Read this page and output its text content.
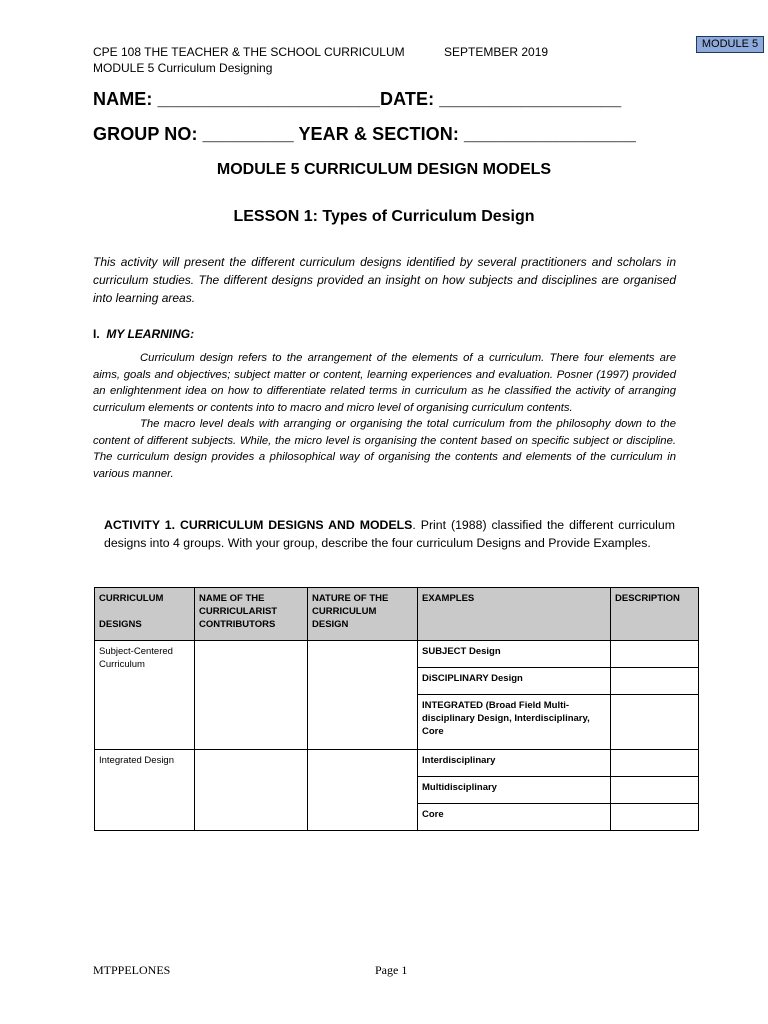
CPE 108 THE TEACHER & THE SCHOOL CURRICULUM	SEPTEMBER 2019
MODULE 5 Curriculum Designing
MODULE 5
NAME: ______________________DATE: __________________
GROUP NO: _________ YEAR & SECTION: _________________
MODULE 5 CURRICULUM DESIGN MODELS
LESSON 1: Types of Curriculum Design
This activity will present the different curriculum designs identified by several practitioners and scholars in curriculum studies. The different designs provided an insight on how subjects and disciplines are organised into learning areas.
I. MY LEARNING:

Curriculum design refers to the arrangement of the elements of a curriculum. There four elements are aims, goals and objectives; subject matter or content, learning experiences and evaluation. Posner (1997) provided an enlightenment idea on how to differentiate related terms in curriculum as he classified the activity of arranging curriculum elements or contents into to macro and micro level of organising curriculum contents.

The macro level deals with arranging or organising the total curriculum from the philosophy down to the content of different subjects. While, the micro level is organising the content based on specific subject or discipline. The curriculum design provides a philosophical way of organising the contents and elements of the curriculum in various manner.

ACTIVITY 1. CURRICULUM DESIGNS AND MODELS. Print (1988) classified the different curriculum designs into 4 groups. With your group, describe the four curriculum Designs and Provide Examples.
CURRICULUM

DESIGNS	NAME OF THE CURRICULARIST CONTRIBUTORS	NATURE OF THE CURRICULUM DESIGN	EXAMPLES	DESCRIPTION
Subject-Centered Curriculum			SUBJECT Design	
			DiSCIPLINARY Design	
			INTEGRATED (Broad Field Multi-disciplinary Design, Interdisciplinary, Core	
Integrated Design			Interdisciplinary	
			Multidisciplinary	
			Core	
MTPPELONES	Page 1
